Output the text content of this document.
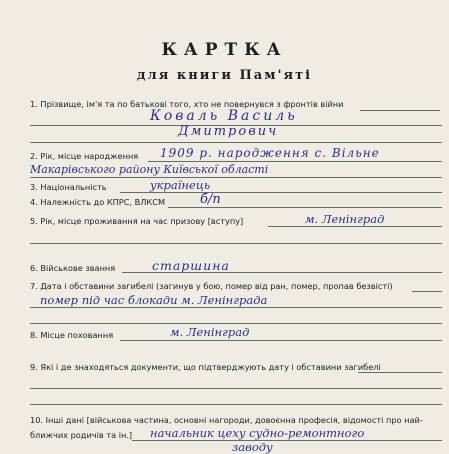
КАРТКА
для книги Пам'яті
1. Прізвище, ім'я та по батькові того, хто не повернувся з фронтів війни
Коваль Василь
Дмитрович
2. Рік, місце народження 1909 р. народження с. Вільне
Макарівського району Київської області
3. Національність	українець
4. Належність до КПРС, ВЛКСМ	б/п
5. Рік, місце проживання на час призову [вступу]	м. Ленінград
6. Військове звання	старшина
7. Дата і обставини загибелі (загинув у бою, помер від ран, помер, пропав безвісті)
помер під час блокади м. Ленінграда
8. Місце поховання	м. Ленінград
9. Які і де знаходяться документи, що підтверджують дату і обставини загибелі
10. Інші дані [військова частина, основні нагороди, довоєнна професія, відомості про най-
ближчих родичів та ін.] начальник цеху судно-ремонтного
заводу
